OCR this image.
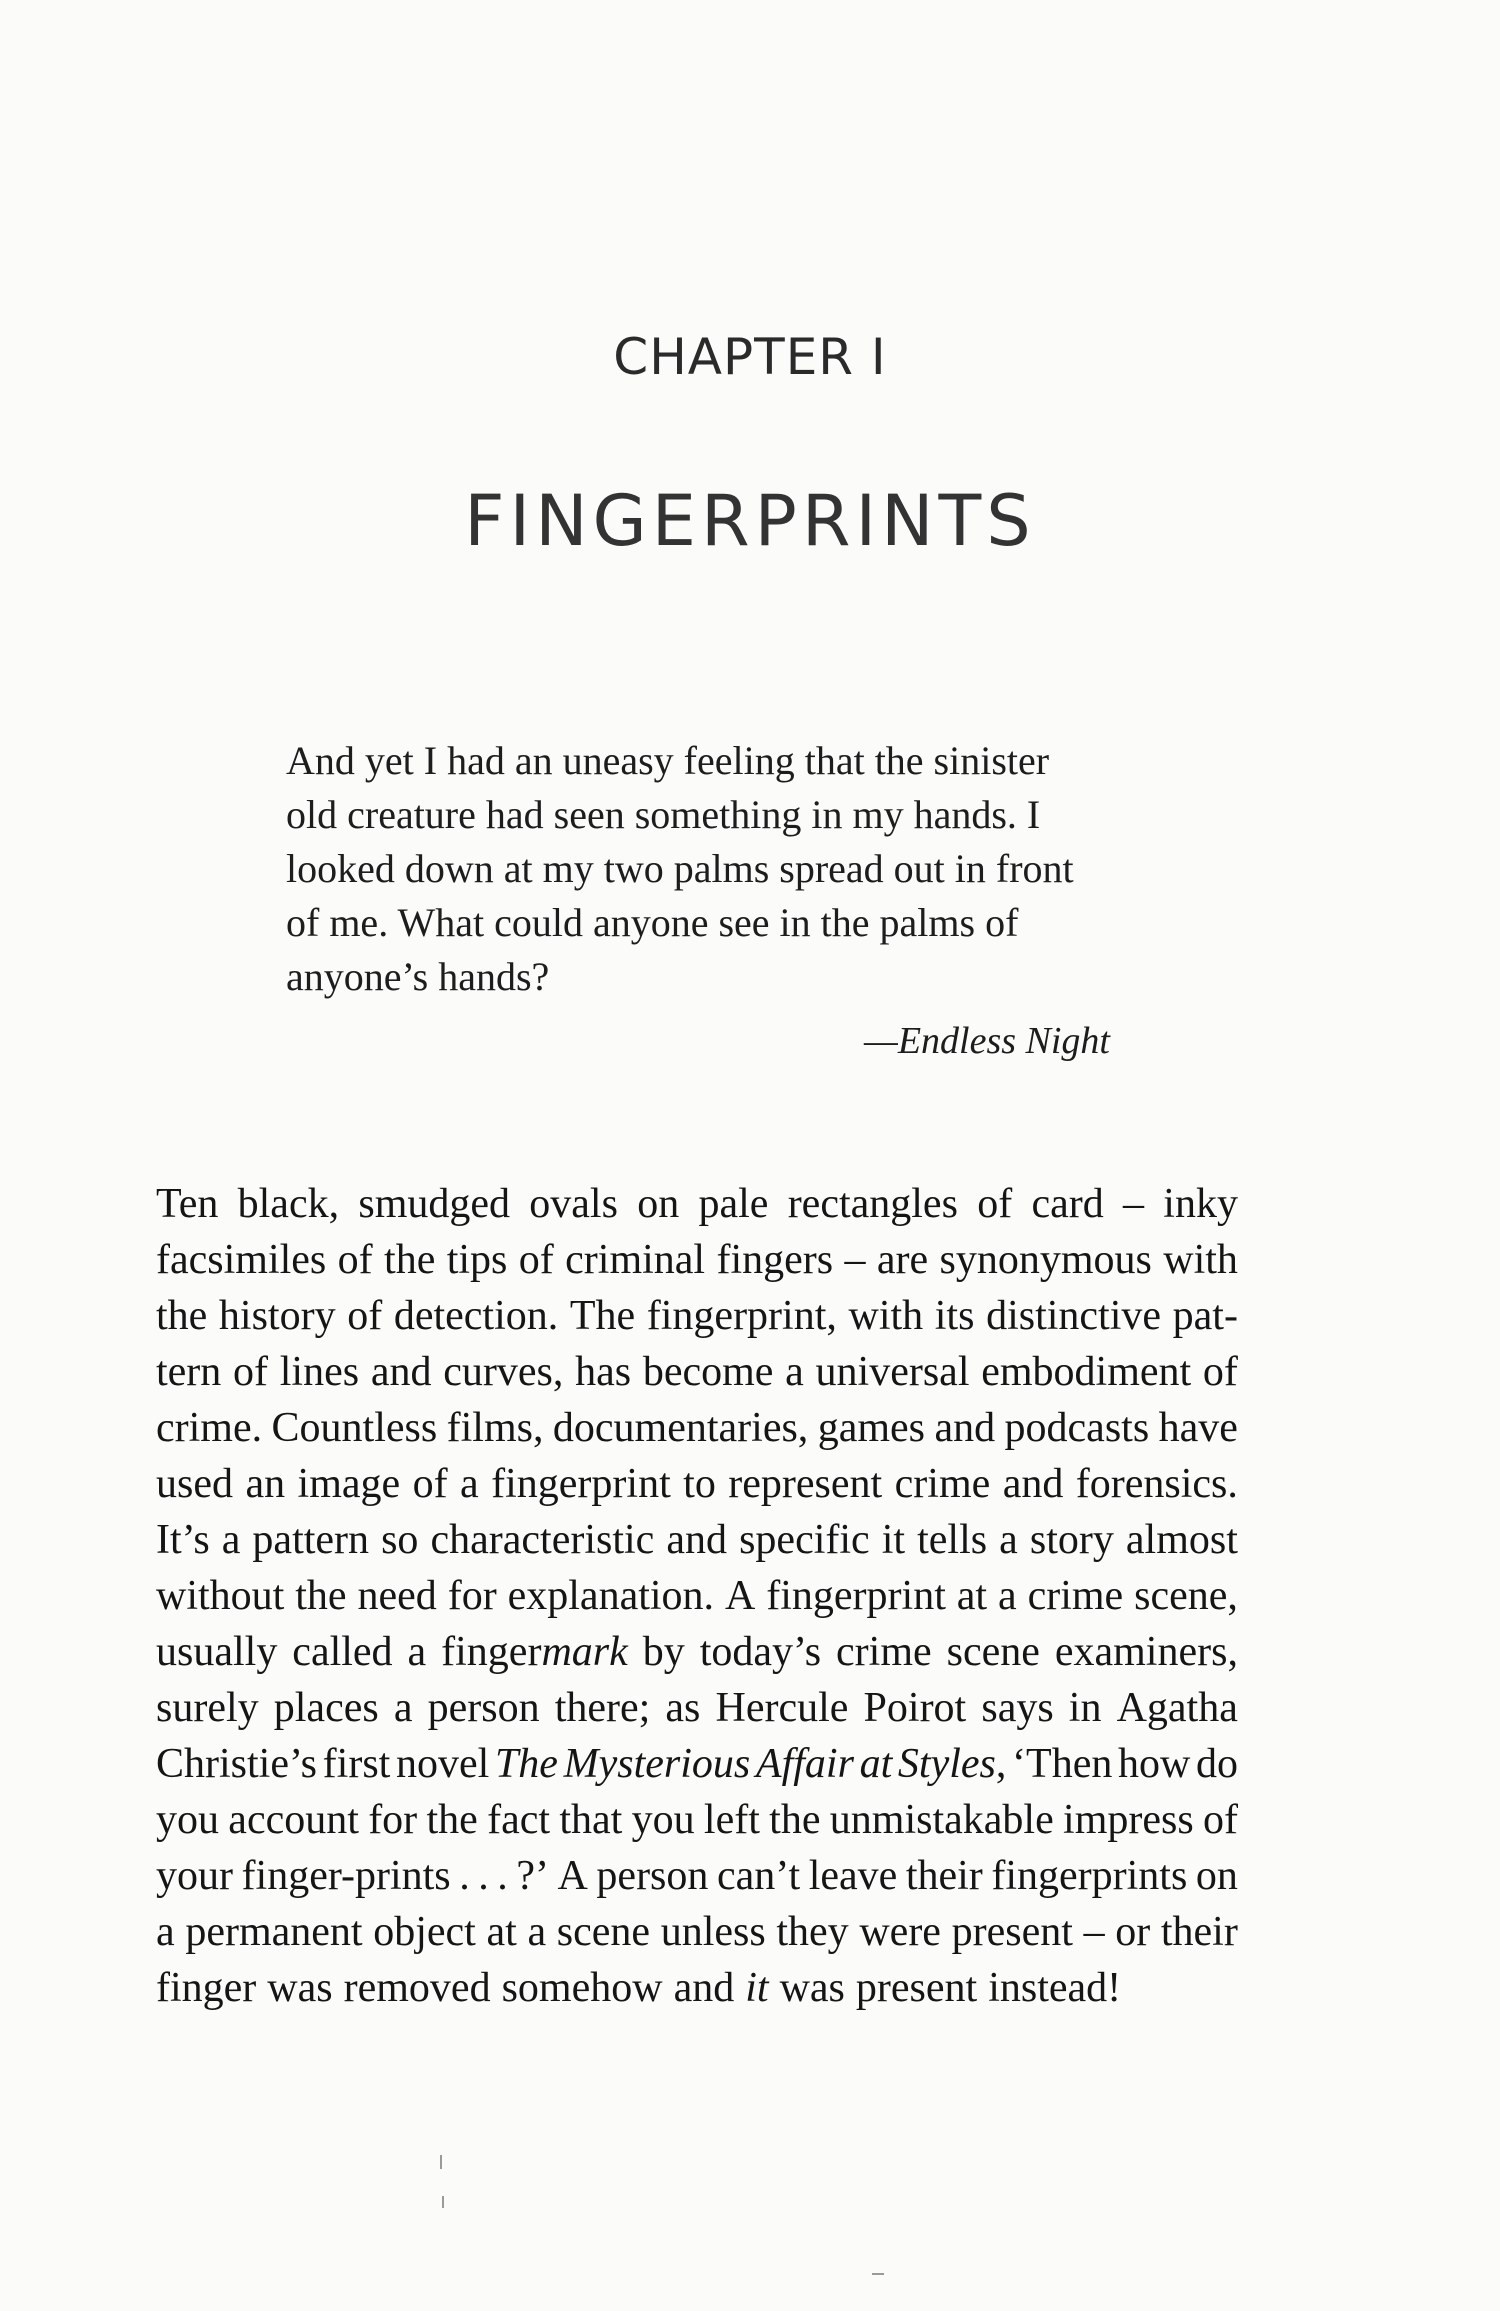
CHAPTER I
FINGERPRINTS
And yet I had an uneasy feeling that the sinister
old creature had seen something in my hands. I
looked down at my two palms spread out in front
of me. What could anyone see in the palms of
anyone’s hands?
—Endless Night
Ten black, smudged ovals on pale rectangles of card – inky
facsimiles of the tips of criminal fingers – are synonymous with
the history of detection. The fingerprint, with its distinctive pat-
tern of lines and curves, has become a universal embodiment of
crime. Countless films, documentaries, games and podcasts have
used an image of a fingerprint to represent crime and forensics.
It’s a pattern so characteristic and specific it tells a story almost
without the need for explanation. A fingerprint at a crime scene,
usually called a fingermark by today’s crime scene examiners,
surely places a person there; as Hercule Poirot says in Agatha
Christie’s first novel The Mysterious Affair at Styles, ‘Then how do
you account for the fact that you left the unmistakable impress of
your finger-prints . . . ?’ A person can’t leave their fingerprints on
a permanent object at a scene unless they were present – or their
finger was removed somehow and it was present instead!
